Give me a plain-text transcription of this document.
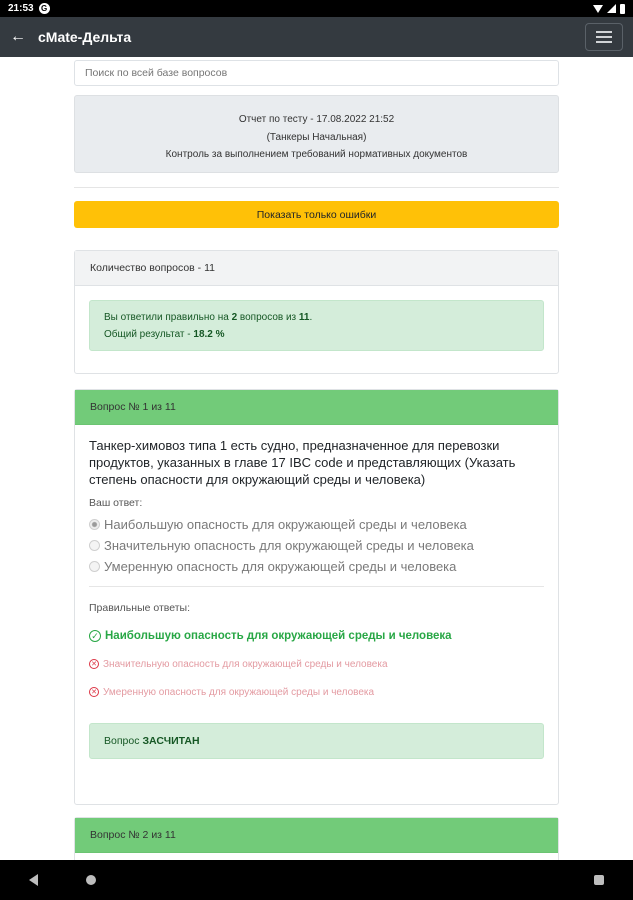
21:53 G
← cMate-Дельта
Поиск по всей базе вопросов
Отчет по тесту - 17.08.2022 21:52
(Танкеры Начальная)
Контроль за выполнением требований нормативных документов
Показать только ошибки
Количество вопросов - 11
Вы ответили правильно на 2 вопросов из 11.
Общий результат - 18.2 %
Вопрос № 1 из 11
Танкер-химовоз типа 1 есть судно, предназначенное для перевозки продуктов, указанных в главе 17 IBC code и представляющих (Указать степень опасности для окружающий среды и человека)
Ваш ответ:
Наибольшую опасность для окружающей среды и человека
Значительную опасность для окружающей среды и человека
Умеренную опасность для окружающей среды и человека
Правильные ответы:
✓ Наибольшую опасность для окружающей среды и человека
✕ Значительную опасность для окружающей среды и человека
✕ Умеренную опасность для окружающей среды и человека
Вопрос ЗАСЧИТАН
Вопрос № 2 из 11
